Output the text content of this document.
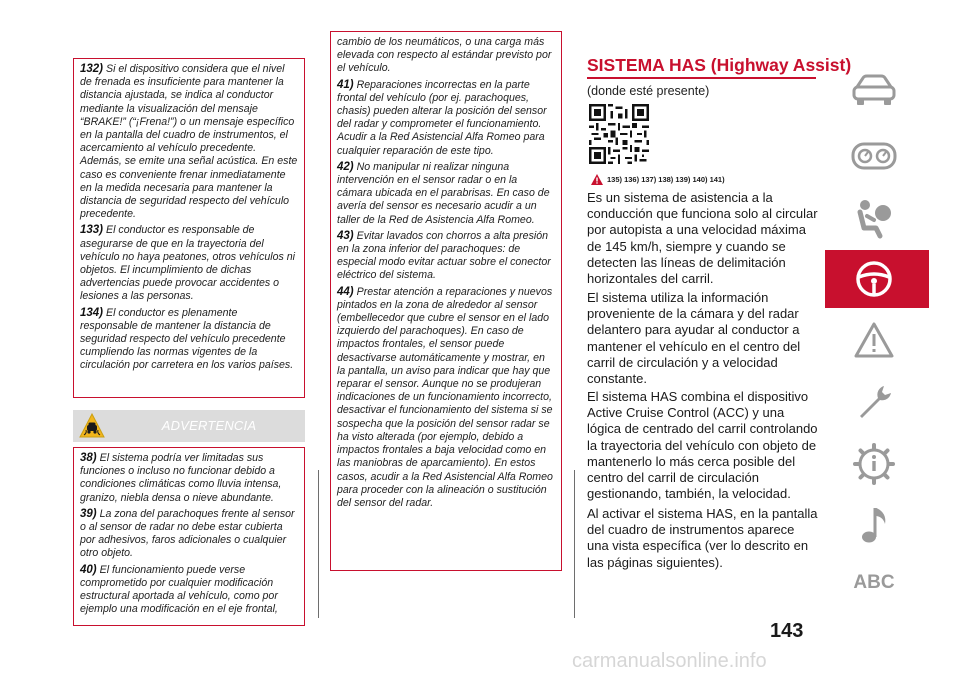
132) Si el dispositivo considera que el nivel de frenada es insuficiente para mantener la distancia ajustada, se indica al conductor mediante la visualización del mensaje “BRAKE!” (“¡Frena!”) o un mensaje específico en la pantalla del cuadro de instrumentos, el acercamiento al vehículo precedente. Además, se emite una señal acústica. En este caso es conveniente frenar inmediatamente en la medida necesaria para mantener la distancia de seguridad respecto del vehículo precedente.

133) El conductor es responsable de asegurarse de que en la trayectoria del vehículo no haya peatones, otros vehículos ni objetos. El incumplimiento de dichas advertencias puede provocar accidentes o lesiones a las personas.

134) El conductor es plenamente responsable de mantener la distancia de seguridad respecto del vehículo precedente cumpliendo las normas vigentes de la circulación por carretera en los varios países.

ADVERTENCIA

38) El sistema podría ver limitadas sus funciones o incluso no funcionar debido a condiciones climáticas como lluvia intensa, granizo, niebla densa o nieve abundante.

39) La zona del parachoques frente al sensor o al sensor de radar no debe estar cubierta por adhesivos, faros adicionales o cualquier otro objeto.

40) El funcionamiento puede verse comprometido por cualquier modificación estructural aportada al vehículo, como por ejemplo una modificación en el eje frontal,

cambio de los neumáticos, o una carga más elevada con respecto al estándar previsto por el vehículo.

41) Reparaciones incorrectas en la parte frontal del vehículo (por ej. parachoques, chasis) pueden alterar la posición del sensor del radar y comprometer el funcionamiento. Acudir a la Red Asistencial Alfa Romeo para cualquier reparación de este tipo.

42) No manipular ni realizar ninguna intervención en el sensor radar o en la cámara ubicada en el parabrisas. En caso de avería del sensor es necesario acudir a un taller de la Red de Asistencia Alfa Romeo.

43) Evitar lavados con chorros a alta presión en la zona inferior del parachoques: de especial modo evitar actuar sobre el conector eléctrico del sistema.

44) Prestar atención a reparaciones y nuevos pintados en la zona de alrededor al sensor (embellecedor que cubre el sensor en el lado izquierdo del parachoques). En caso de impactos frontales, el sensor puede desactivarse automáticamente y mostrar, en la pantalla, un aviso para indicar que hay que reparar el sensor. Aunque no se produjeran indicaciones de un funcionamiento incorrecto, desactivar el funcionamiento del sistema si se sospecha que la posición del sensor radar se ha visto alterada (por ejemplo, debido a impactos frontales a baja velocidad como en las maniobras de aparcamiento). En estos casos, acudir a la Red Asistencial Alfa Romeo para proceder con la alineación o sustitución del sensor del radar.

SISTEMA HAS (Highway Assist)
(donde esté presente)
135) 136) 137) 138) 139) 140) 141)

Es un sistema de asistencia a la conducción que funciona solo al circular por autopista a una velocidad máxima de 145 km/h, siempre y cuando se detecten las líneas de delimitación horizontales del carril.

El sistema utiliza la información proveniente de la cámara y del radar delantero para ayudar al conductor a mantener el vehículo en el centro del carril de circulación y a velocidad constante.

El sistema HAS combina el dispositivo Active Cruise Control (ACC) y una lógica de centrado del carril controlando la trayectoria del vehículo con objeto de mantenerlo lo más cerca posible del centro del carril de circulación gestionando, también, la velocidad.

Al activar el sistema HAS, en la pantalla del cuadro de instrumentos aparece una vista específica (ver lo descrito en las páginas siguientes).

143
ABC
carmanualsonline.info
